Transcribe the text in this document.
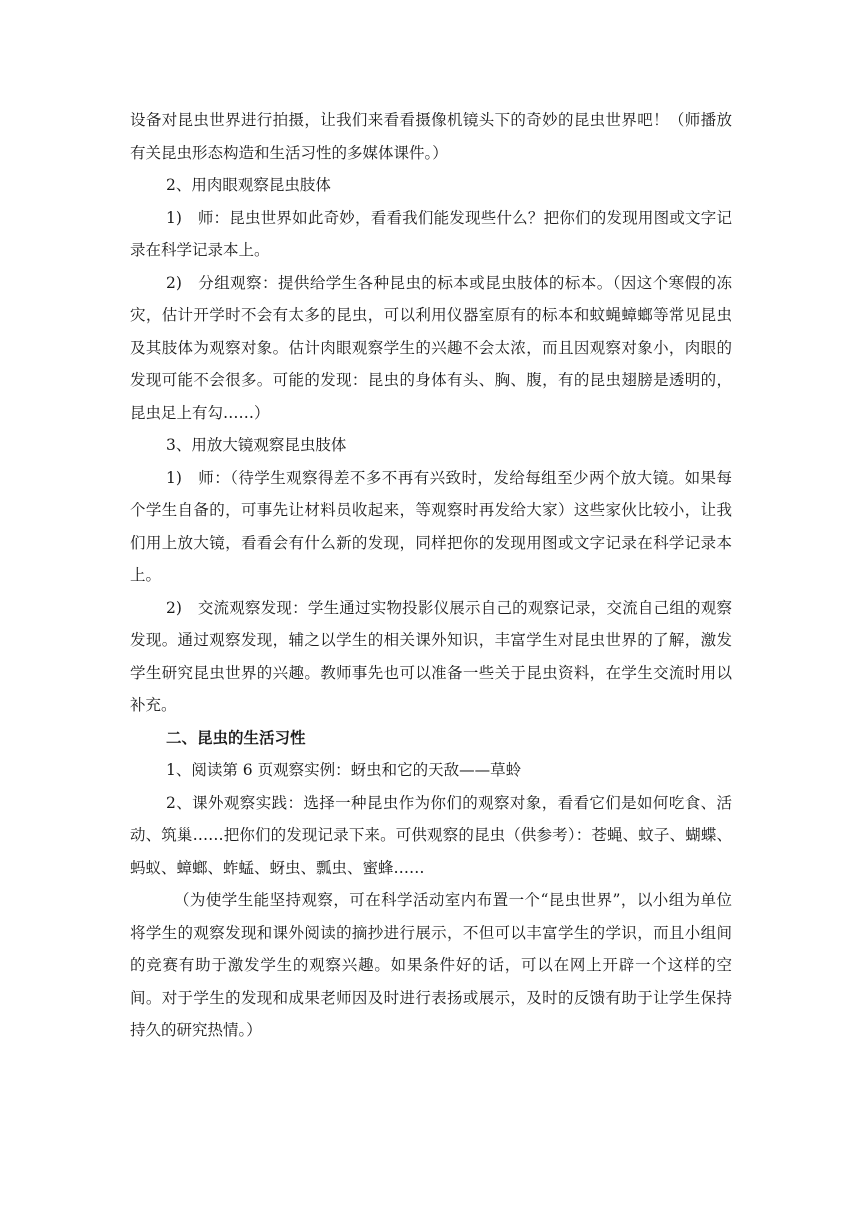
设备对昆虫世界进行拍摄，让我们来看看摄像机镜头下的奇妙的昆虫世界吧！（师播放有关昆虫形态构造和生活习性的多媒体课件。）

2、用肉眼观察昆虫肢体

1)　师：昆虫世界如此奇妙，看看我们能发现些什么？把你们的发现用图或文字记录在科学记录本上。

2)　分组观察：提供给学生各种昆虫的标本或昆虫肢体的标本。（因这个寒假的冻灾，估计开学时不会有太多的昆虫，可以利用仪器室原有的标本和蚊蝇蟑螂等常见昆虫及其肢体为观察对象。估计肉眼观察学生的兴趣不会太浓，而且因观察对象小，肉眼的发现可能不会很多。可能的发现：昆虫的身体有头、胸、腹，有的昆虫翅膀是透明的，昆虫足上有勾……）

3、用放大镜观察昆虫肢体

1)　师：（待学生观察得差不多不再有兴致时，发给每组至少两个放大镜。如果每个学生自备的，可事先让材料员收起来，等观察时再发给大家）这些家伙比较小，让我们用上放大镜，看看会有什么新的发现，同样把你的发现用图或文字记录在科学记录本上。

2)　交流观察发现：学生通过实物投影仪展示自己的观察记录，交流自己组的观察发现。通过观察发现，辅之以学生的相关课外知识，丰富学生对昆虫世界的了解，激发学生研究昆虫世界的兴趣。教师事先也可以准备一些关于昆虫资料，在学生交流时用以补充。

二、昆虫的生活习性

1、阅读第 6 页观察实例：蚜虫和它的天敌——草蛉

2、课外观察实践：选择一种昆虫作为你们的观察对象，看看它们是如何吃食、活动、筑巢……把你们的发现记录下来。可供观察的昆虫（供参考）：苍蝇、蚊子、蝴蝶、蚂蚁、蟑螂、蚱蜢、蚜虫、瓢虫、蜜蜂……

（为使学生能坚持观察，可在科学活动室内布置一个“昆虫世界”，以小组为单位将学生的观察发现和课外阅读的摘抄进行展示，不但可以丰富学生的学识，而且小组间的竞赛有助于激发学生的观察兴趣。如果条件好的话，可以在网上开辟一个这样的空间。对于学生的发现和成果老师因及时进行表扬或展示，及时的反馈有助于让学生保持持久的研究热情。）
